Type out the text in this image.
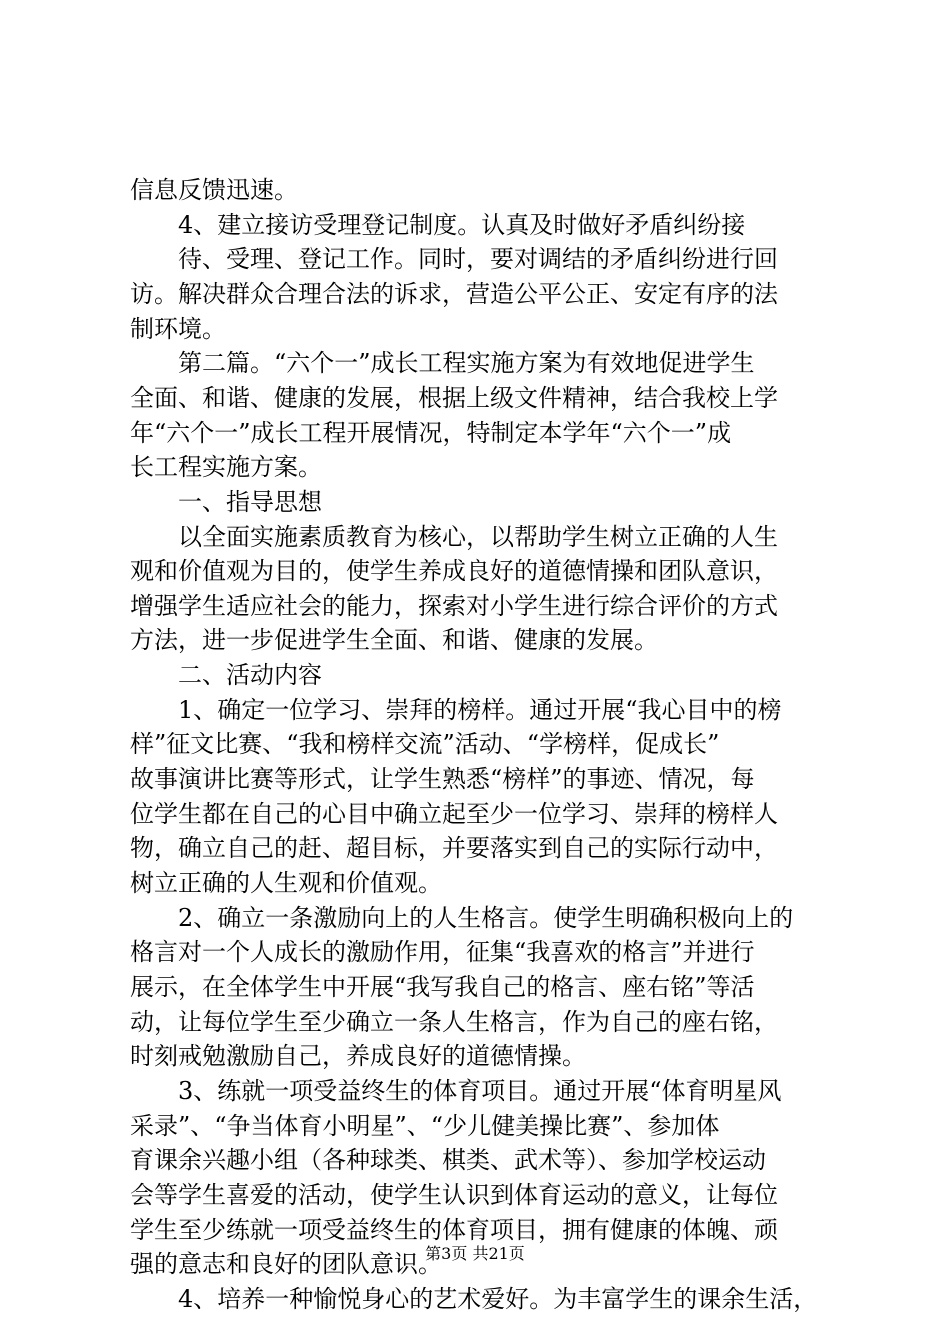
信息反馈迅速。
4、建立接访受理登记制度。认真及时做好矛盾纠纷接
待、受理、登记工作。同时，要对调结的矛盾纠纷进行回
访。解决群众合理合法的诉求，营造公平公正、安定有序的法
制环境。
第二篇。“六个一”成长工程实施方案为有效地促进学生
全面、和谐、健康的发展，根据上级文件精神，结合我校上学
年“六个一”成长工程开展情况，特制定本学年“六个一”成
长工程实施方案。
一、指导思想
以全面实施素质教育为核心，以帮助学生树立正确的人生
观和价值观为目的，使学生养成良好的道德情操和团队意识，
增强学生适应社会的能力，探索对小学生进行综合评价的方式
方法，进一步促进学生全面、和谐、健康的发展。
二、活动内容
1、确定一位学习、崇拜的榜样。通过开展“我心目中的榜
样”征文比赛、“我和榜样交流”活动、“学榜样，促成长”
故事演讲比赛等形式，让学生熟悉“榜样”的事迹、情况，每
位学生都在自己的心目中确立起至少一位学习、崇拜的榜样人
物，确立自己的赶、超目标，并要落实到自己的实际行动中，
树立正确的人生观和价值观。
2、确立一条激励向上的人生格言。使学生明确积极向上的
格言对一个人成长的激励作用，征集“我喜欢的格言”并进行
展示，在全体学生中开展“我写我自己的格言、座右铭”等活
动，让每位学生至少确立一条人生格言，作为自己的座右铭，
时刻戒勉激励自己，养成良好的道德情操。
3、练就一项受益终生的体育项目。通过开展“体育明星风
采录”、“争当体育小明星”、“少儿健美操比赛”、参加体
育课余兴趣小组（各种球类、棋类、武术等）、参加学校运动
会等学生喜爱的活动，使学生认识到体育运动的意义，让每位
学生至少练就一项受益终生的体育项目，拥有健康的体魄、顽
强的意志和良好的团队意识。
4、培养一种愉悦身心的艺术爱好。为丰富学生的课余生活，
第3页 共21页
